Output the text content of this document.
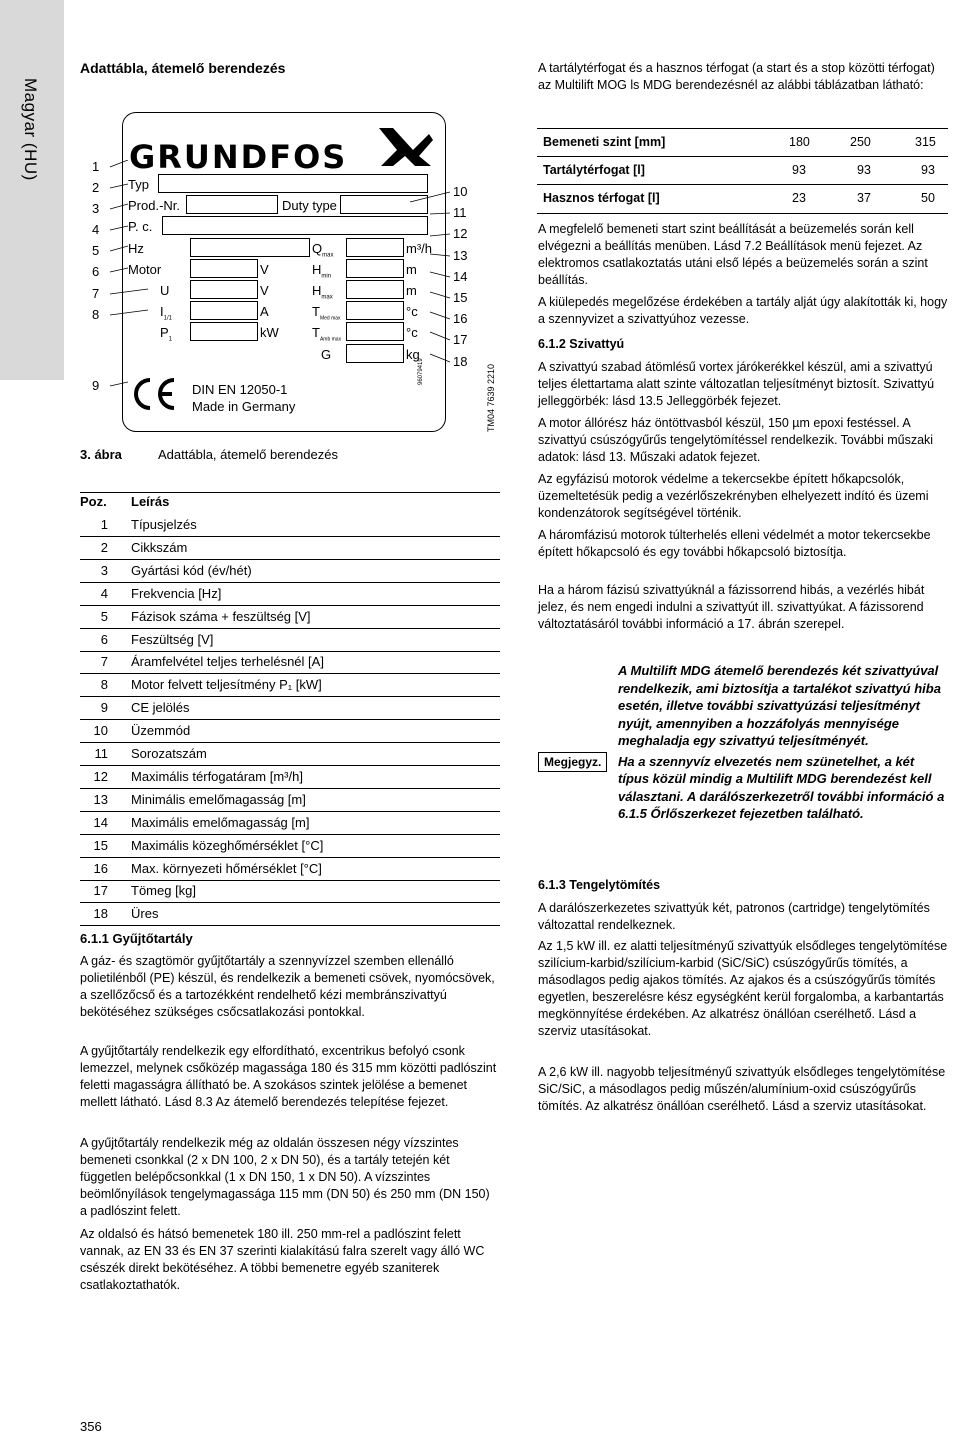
Magyar (HU)
Adattábla, átemelő berendezés
GRUNDFOS
1
2
3
4
5
6
7
8
9
10
11
12
13
14
15
16
17
18
Typ
Prod.-Nr.	Duty type
P. c.
Hz
Motor
U
$I_{1/1}$
$P_1$
V
V
A
kW
$Q_{max}$
$H_{min}$
$H_{max}$
$T_{Med max}$
$T_{Amb max}$
G
m³/h
m
m
°c
°c
kg
DIN EN 12050-1
Made in Germany
96079419	TM04 7639 2210
3. ábra	Adattábla, átemelő berendezés
Poz. Leírás
1 Típusjelzés
2 Cikkszám
3 Gyártási kód (év/hét)
4 Frekvencia [Hz]
5 Fázisok száma + feszültség [V]
6 Feszültség [V]
7 Áramfelvétel teljes terhelésnél [A]
8 Motor felvett teljesítmény P₁ [kW]
9 CE jelölés
10 Üzemmód
11 Sorozatszám
12 Maximális térfogatáram [m³/h]
13 Minimális emelőmagasság [m]
14 Maximális emelőmagasság [m]
15 Maximális közeghőmérséklet [°C]
16 Max. környezeti hőmérséklet [°C]
17 Tömeg [kg]
18 Üres
6.1.1 Gyűjtőtartály
A gáz- és szagtömör gyűjtőtartály a szennyvízzel szemben ellenálló polietilénből (PE) készül, és rendelkezik a bemeneti csövek, nyomócsövek, a szellőzőcső és a tartozékként rendelhető kézi membránszivattyú bekötéséhez szükséges csőcsatlakozási pontokkal.
A gyűjtőtartály rendelkezik egy elfordítható, excentrikus befolyó csonk lemezzel, melynek csőközép magassága 180 és 315 mm közötti padlószint feletti magasságra állítható be. A szokásos szintek jelölése a bemenet mellett látható. Lásd 8.3 Az átemelő berendezés telepítése fejezet.
A gyűjtőtartály rendelkezik még az oldalán összesen négy vízszintes bemeneti csonkkal (2 x DN 100, 2 x DN 50), és a tartály tetején két független belépőcsonkkal (1 x DN 150, 1 x DN 50). A vízszintes beömlőnyílások tengelymagassága 115 mm (DN 50) és 250 mm (DN 150) a padlószint felett.
Az oldalsó és hátsó bemenetek 180 ill. 250 mm-rel a padlószint felett vannak, az EN 33 és EN 37 szerinti kialakítású falra szerelt vagy álló WC csészék direkt bekötéséhez. A többi bemenetre egyéb szaniterek csatlakoztathatók.
356
A tartálytérfogat és a hasznos térfogat (a start és a stop közötti térfogat) az Multilift MOG ls MDG berendezésnél az alábbi táblázatban látható:
Bemeneti szint [mm]	180	250	315
Tartálytérfogat [l]	93	93	93
Hasznos térfogat [l]	23	37	50
A megfelelő bemeneti start szint beállítását a beüzemelés során kell elvégezni a beállítás menüben. Lásd 7.2 Beállítások menü fejezet. Az elektromos csatlakoztatás utáni első lépés a beüzemelés során a szint beállítás.
A kiülepedés megelőzése érdekében a tartály alját úgy alakították ki, hogy a szennyvizet a szivattyúhoz vezesse.
6.1.2 Szivattyú
A szivattyú szabad átömlésű vortex járókerékkel készül, ami a szivattyú teljes élettartama alatt szinte változatlan teljesítményt biztosít. Szivattyú jelleggörbék: lásd 13.5 Jelleggörbék fejezet.
A motor állórész ház öntöttvasból készül, 150 µm epoxi festéssel. A szivattyú csúszógyűrűs tengelytömítéssel rendelkezik. További műszaki adatok: lásd 13. Műszaki adatok fejezet.
Az egyfázisú motorok védelme a tekercsekbe épített hőkapcsolók, üzemeltetésük pedig a vezérlőszekrényben elhelyezett indító és üzemi kondenzátorok segítségével történik.
A háromfázisú motorok túlterhelés elleni védelmét a motor tekercsekbe épített hőkapcsoló és egy további hőkapcsoló biztosítja.
Ha a három fázisú szivattyúknál a fázissorrend hibás, a vezérlés hibát jelez, és nem engedi indulni a szivattyút ill. szivattyúkat. A fázissorend változtatásáról további információ a 17. ábrán szerepel.
Megjegyz.
A Multilift MDG átemelő berendezés két szivattyúval rendelkezik, ami biztosítja a tartalékot szivattyú hiba esetén, illetve további szivattyúzási teljesítményt nyújt, amennyiben a hozzáfolyás mennyisége meghaladja egy szivattyú teljesítményét.
Ha a szennyvíz elvezetés nem szünetelhet, a két típus közül mindig a Multilift MDG berendezést kell választani. A darálószerkezetről további információ a 6.1.5 Őrlőszerkezet fejezetben található.
6.1.3 Tengelytömítés
A darálószerkezetes szivattyúk két, patronos (cartridge) tengelytömítés változattal rendelkeznek.
Az 1,5 kW ill. ez alatti teljesítményű szivattyúk elsődleges tengelytömítése szilícium-karbid/szilícium-karbid (SiC/SiC) csúszógyűrűs tömítés, a másodlagos pedig ajakos tömítés. Az ajakos és a csúszógyűrűs tömítés egyetlen, beszerelésre kész egységként kerül forgalomba, a karbantartás megkönnyítése érdekében. Az alkatrész önállóan cserélhető. Lásd a szerviz utasításokat.
A 2,6 kW ill. nagyobb teljesítményű szivattyúk elsődleges tengelytömítése SiC/SiC, a másodlagos pedig műszén/alumínium-oxid csúszógyűrűs tömítés. Az alkatrész önállóan cserélhető. Lásd a szerviz utasításokat.
